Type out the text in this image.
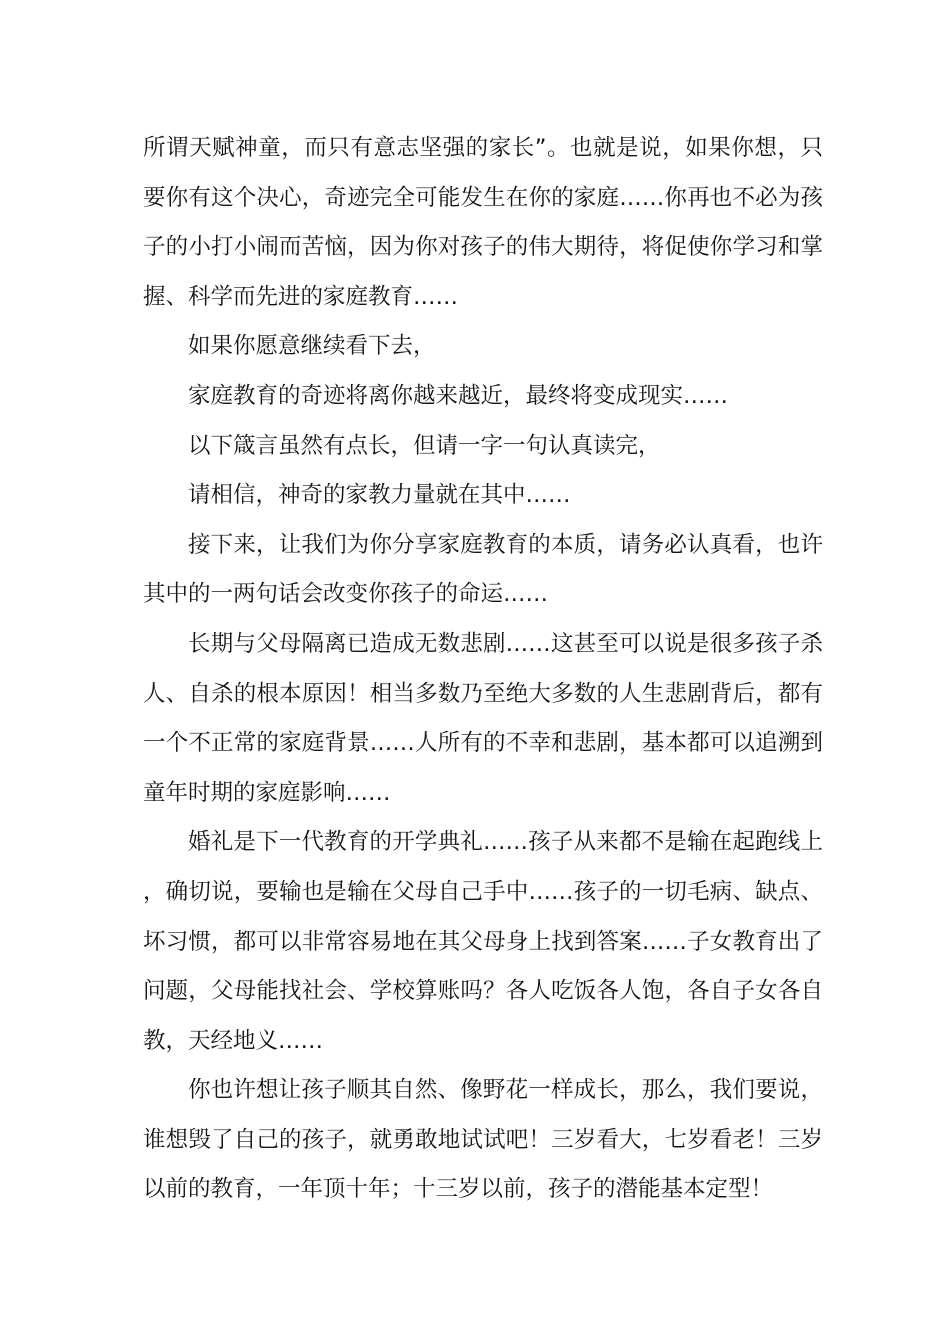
所谓天赋神童，而只有意志坚强的家长”。也就是说，如果你想，只要你有这个决心，奇迹完全可能发生在你的家庭……你再也不必为孩子的小打小闹而苦恼，因为你对孩子的伟大期待，将促使你学习和掌握、科学而先进的家庭教育……

如果你愿意继续看下去，

家庭教育的奇迹将离你越来越近，最终将变成现实……

以下箴言虽然有点长，但请一字一句认真读完，

请相信，神奇的家教力量就在其中……

接下来，让我们为你分享家庭教育的本质，请务必认真看，也许其中的一两句话会改变你孩子的命运……

长期与父母隔离已造成无数悲剧……这甚至可以说是很多孩子杀人、自杀的根本原因！相当多数乃至绝大多数的人生悲剧背后，都有一个不正常的家庭背景……人所有的不幸和悲剧，基本都可以追溯到童年时期的家庭影响……

婚礼是下一代教育的开学典礼……孩子从来都不是输在起跑线上，确切说，要输也是输在父母自己手中……孩子的一切毛病、缺点、坏习惯，都可以非常容易地在其父母身上找到答案……子女教育出了问题，父母能找社会、学校算账吗？各人吃饭各人饱，各自子女各自教，天经地义……

你也许想让孩子顺其自然、像野花一样成长，那么，我们要说，谁想毁了自己的孩子，就勇敢地试试吧！三岁看大，七岁看老！三岁以前的教育，一年顶十年；十三岁以前，孩子的潜能基本定型！
